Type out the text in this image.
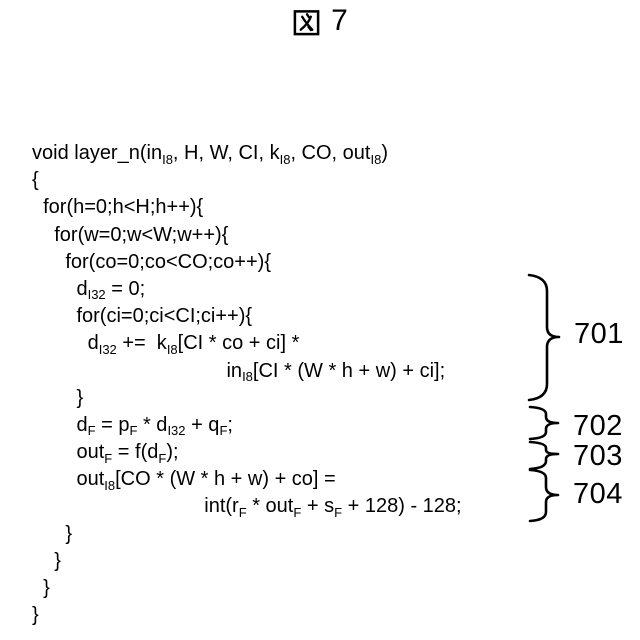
7
void $layer\_n(in_{I8}$, H, W, CI, $k_{I8}$, CO, out$_{I8}$)
{
for(h=0;h<H;h++){
for(w=0;w<W;w++){
for(co=0;co<CO;co++){
$d_{I32} = 0$;
for(ci=0;ci<CI;ci++){
$d_{I32} += k_{I8}[CI$ * co + ci] *
$in_{I8}[CI * (W * h + w) + ci]$;
}
$d_F = p_F * d_{I32} + q_F$;
$out_F = f(d_F)$;
out$_{I8}$[CO * (W * h + w) + co] =
$int(r_F * out_F + s_F + 128) - 128$;
}
}
}
}
701
702
703
704
